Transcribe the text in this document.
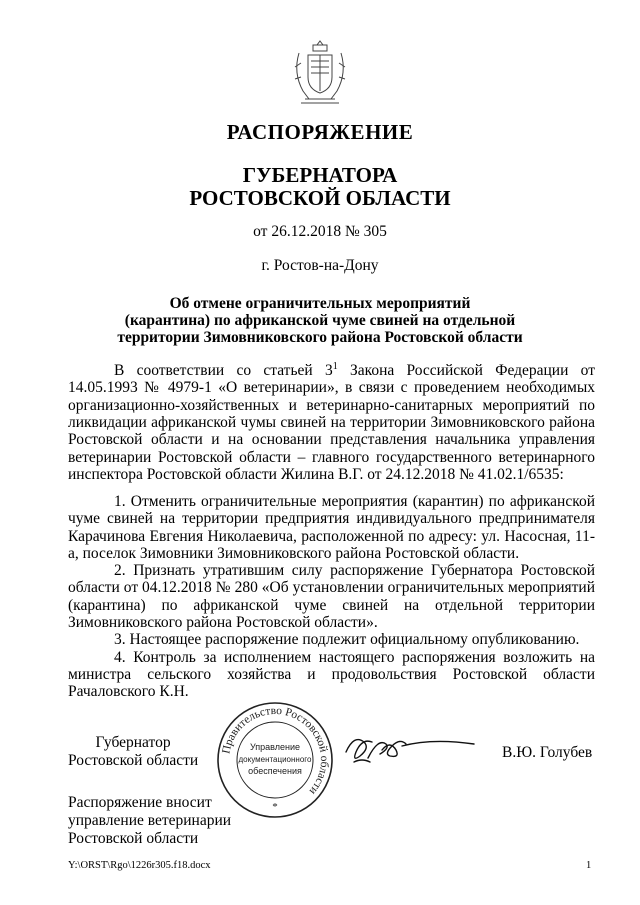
РАСПОРЯЖЕНИЕ
ГУБЕРНАТОРА
РОСТОВСКОЙ ОБЛАСТИ
от 26.12.2018 № 305
г. Ростов-на-Дону
Об отмене ограничительных мероприятий
(карантина) по африканской чуме свиней на отдельной
территории Зимовниковского района Ростовской области

В соответствии со статьей $3^1$ Закона Российской Федерации от 14.05.1993 № 4979-1 «О ветеринарии», в связи с проведением необходимых организационно-хозяйственных и ветеринарно-санитарных мероприятий по ликвидации африканской чумы свиней на территории Зимовниковского района Ростовской области и на основании представления начальника управления ветеринарии Ростовской области – главного государственного ветеринарного инспектора Ростовской области Жилина В.Г. от 24.12.2018 № 41.02.1/6535:

1. Отменить ограничительные мероприятия (карантин) по африканской чуме свиней на территории предприятия индивидуального предпринимателя Карачинова Евгения Николаевича, расположенной по адресу: ул. Насосная, 11-а, поселок Зимовники Зимовниковского района Ростовской области.

2. Признать утратившим силу распоряжение Губернатора Ростовской области от 04.12.2018 № 280 «Об установлении ограничительных мероприятий (карантина) по африканской чуме свиней на отдельной территории Зимовниковского района Ростовской области».

3. Настоящее распоряжение подлежит официальному опубликованию.

4. Контроль за исполнением настоящего распоряжения возложить на министра сельского хозяйства и продовольствия Ростовской области Рачаловского К.Н.

Губернатор
Ростовской области
Правительство Ростовской области
Управление
документационного
обеспечения
*
В.Ю. Голубев
Распоряжение вносит
управление ветеринарии
Ростовской области
Y:\ORST\Rgo\1226r305.f18.docx	1
